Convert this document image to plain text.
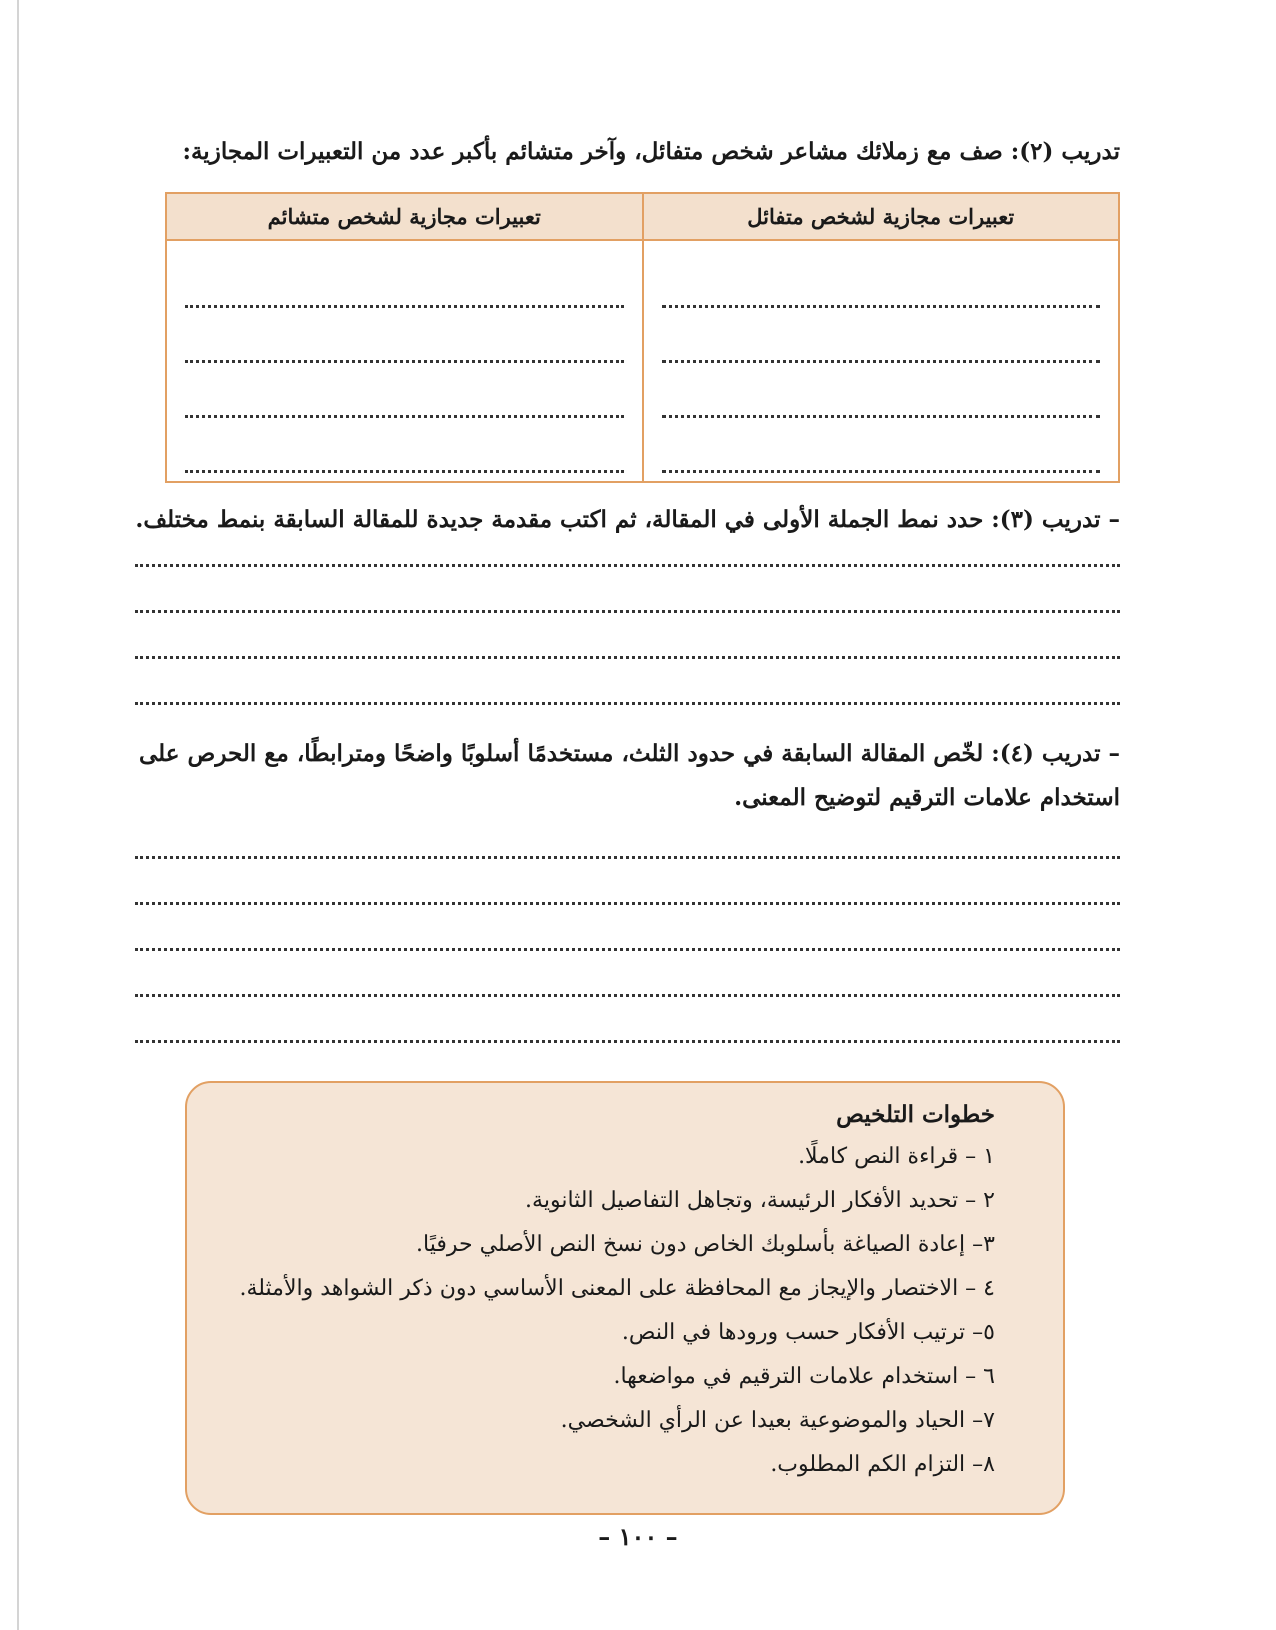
تدريب (٢): صف مع زملائك مشاعر شخص متفائل، وآخر متشائم بأكبر عدد من التعبيرات المجازية:
تعبيرات مجازية لشخص متفائل	تعبيرات مجازية لشخص متشائم

– تدريب (٣): حدد نمط الجملة الأولى في المقالة، ثم اكتب مقدمة جديدة للمقالة السابقة بنمط مختلف.
– تدريب (٤): لخّص المقالة السابقة في حدود الثلث، مستخدمًا أسلوبًا واضحًا ومترابطًا، مع الحرص على استخدام علامات الترقيم لتوضيح المعنى.
خطوات التلخيص
١ – قراءة النص كاملًا.
٢ – تحديد الأفكار الرئيسة، وتجاهل التفاصيل الثانوية.
٣– إعادة الصياغة بأسلوبك الخاص دون نسخ النص الأصلي حرفيًا.
٤ – الاختصار والإيجاز مع المحافظة على المعنى الأساسي دون ذكر الشواهد والأمثلة.
٥– ترتيب الأفكار حسب ورودها في النص.
٦ – استخدام علامات الترقيم في مواضعها.
٧– الحياد والموضوعية بعيدا عن الرأي الشخصي.
٨– التزام الكم المطلوب.
– ١٠٠ –
